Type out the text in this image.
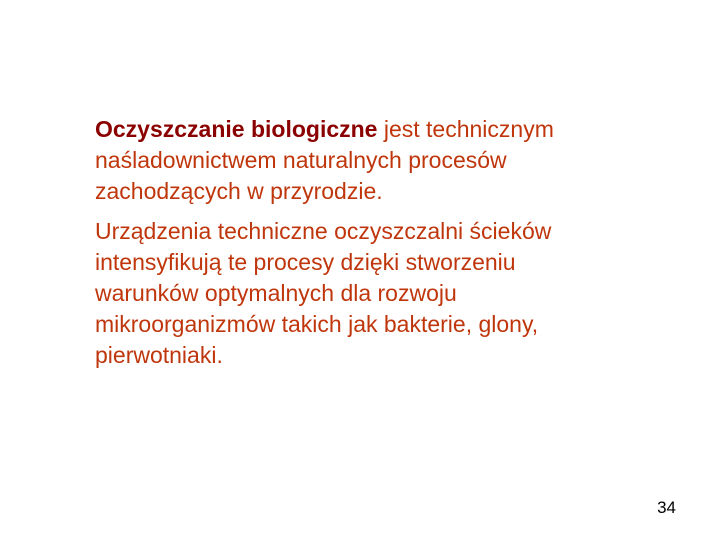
Oczyszczanie biologiczne jest technicznym naśladownictwem naturalnych procesów zachodzących w przyrodzie.

Urządzenia techniczne oczyszczalni ścieków intensyfikują te procesy dzięki stworzeniu warunków optymalnych dla rozwoju mikroorganizmów takich jak bakterie, glony, pierwotniaki.

34
